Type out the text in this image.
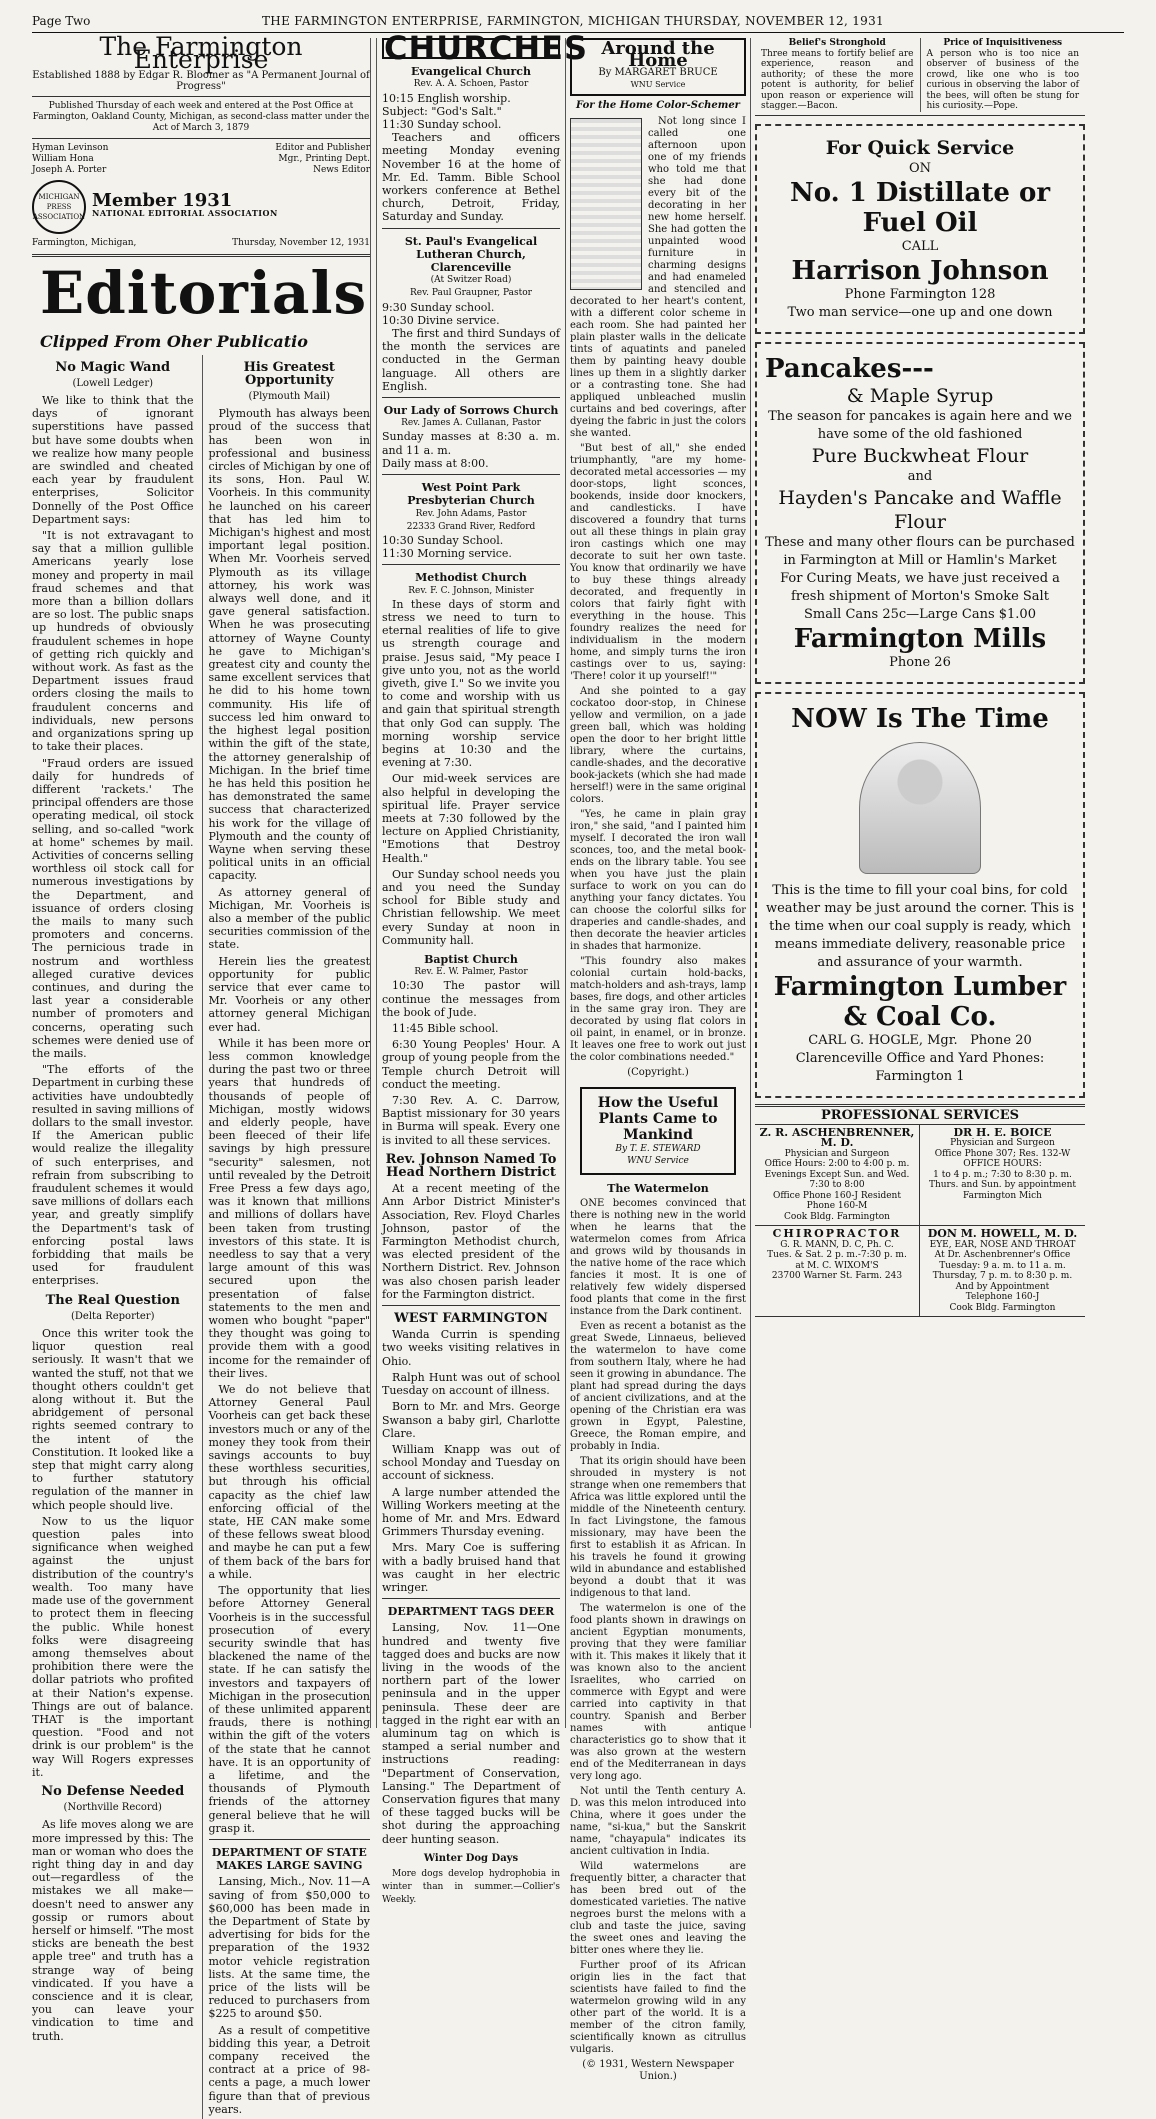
Page Two	THE FARMINGTON ENTERPRISE, FARMINGTON, MICHIGAN THURSDAY, NOVEMBER 12, 1931
The Farmington Enterprise
Established 1888 by Edgar R. Bloomer as "A Permanent Journal of Progress"
Published Thursday of each week and entered at the Post Office at Farmington, Oakland County, Michigan, as second-class matter under the Act of March 3, 1879
Hyman Levinson	Editor and Publisher
William Hona	Mgr., Printing Dept.
Joseph A. Porter	News Editor
MICHIGAN PRESS ASSOCIATION
Member 1931
NATIONAL EDITORIAL ASSOCIATION
Farmington, Michigan,	Thursday, November 12, 1931
Editorials
Clipped From Oher Publicatio
No Magic Wand
(Lowell Ledger)

We like to think that the days of ignorant superstitions have passed but have some doubts when we realize how many people are swindled and cheated each year by fraudulent enterprises, Solicitor Donnelly of the Post Office Department says:

"It is not extravagant to say that a million gullible Americans yearly lose money and property in mail fraud schemes and that more than a billion dollars are so lost. The public snaps up hundreds of obviously fraudulent schemes in hope of getting rich quickly and without work. As fast as the Department issues fraud orders closing the mails to fraudulent concerns and individuals, new persons and organizations spring up to take their places.

"Fraud orders are issued daily for hundreds of different 'rackets.' The principal offenders are those operating medical, oil stock selling, and so-called "work at home" schemes by mail. Activities of concerns selling worthless oil stock call for numerous investigations by the Department, and issuance of orders closing the mails to many such promoters and concerns. The pernicious trade in nostrum and worthless alleged curative devices continues, and during the last year a considerable number of promoters and concerns, operating such schemes were denied use of the mails.

"The efforts of the Department in curbing these activities have undoubtedly resulted in saving millions of dollars to the small investor. If the American public would realize the illegality of such enterprises, and refrain from subscribing to fraudulent schemes it would save millions of dollars each year, and greatly simplify the Department's task of enforcing postal laws forbidding that mails be used for fraudulent enterprises.

The Real Question
(Delta Reporter)

Once this writer took the liquor question real seriously. It wasn't that we wanted the stuff, not that we thought others couldn't get along without it. But the abridgement of personal rights seemed contrary to the intent of the Constitution. It looked like a step that might carry along to further statutory regulation of the manner in which people should live.

Now to us the liquor question pales into significance when weighed against the unjust distribution of the country's wealth. Too many have made use of the government to protect them in fleecing the public. While honest folks were disagreeing among themselves about prohibition there were the dollar patriots who profited at their Nation's expense. Things are out of balance. THAT is the important question. "Food and not drink is our problem" is the way Will Rogers expresses it.

No Defense Needed
(Northville Record)

As life moves along we are more impressed by this: The man or woman who does the right thing day in and day out—regardless of the mistakes we all make—doesn't need to answer any gossip or rumors about herself or himself. "The most sticks are beneath the best apple tree" and truth has a strange way of being vindicated. If you have a conscience and it is clear, you can leave your vindication to time and truth.

His Greatest Opportunity
(Plymouth Mail)

Plymouth has always been proud of the success that has been won in professional and business circles of Michigan by one of its sons, Hon. Paul W. Voorheis. In this community he launched on his career that has led him to Michigan's highest and most important legal position. When Mr. Voorheis served Plymouth as its village attorney, his work was always well done, and it gave general satisfaction. When he was prosecuting attorney of Wayne County he gave to Michigan's greatest city and county the same excellent services that he did to his home town community. His life of success led him onward to the highest legal position within the gift of the state, the attorney generalship of Michigan. In the brief time he has held this position he has demonstrated the same success that characterized his work for the village of Plymouth and the county of Wayne when serving these political units in an official capacity.

As attorney general of Michigan, Mr. Voorheis is also a member of the public securities commission of the state.

Herein lies the greatest opportunity for public service that ever came to Mr. Voorheis or any other attorney general Michigan ever had.

While it has been more or less common knowledge during the past two or three years that hundreds of thousands of people of Michigan, mostly widows and elderly people, have been fleeced of their life savings by high pressure "security" salesmen, not until revealed by the Detroit Free Press a few days ago, was it known that millions and millions of dollars have been taken from trusting investors of this state. It is needless to say that a very large amount of this was secured upon the presentation of false statements to the men and women who bought "paper" they thought was going to provide them with a good income for the remainder of their lives.

We do not believe that Attorney General Paul Voorheis can get back these investors much or any of the money they took from their savings accounts to buy these worthless securities, but through his official capacity as the chief law enforcing official of the state, HE CAN make some of these fellows sweat blood and maybe he can put a few of them back of the bars for a while.

The opportunity that lies before Attorney General Voorheis is in the successful prosecution of every security swindle that has blackened the name of the state. If he can satisfy the investors and taxpayers of Michigan in the prosecution of these unlimited apparent frauds, there is nothing within the gift of the voters of the state that he cannot have. It is an opportunity of a lifetime, and the thousands of Plymouth friends of the attorney general believe that he will grasp it.

DEPARTMENT OF STATE MAKES LARGE SAVING

Lansing, Mich., Nov. 11—A saving of from $50,000 to $60,000 has been made in the Department of State by advertising for bids for the preparation of the 1932 motor vehicle registration lists. At the same time, the price of the lists will be reduced to purchasers from $225 to around $50.

As a result of competitive bidding this year, a Detroit company received the contract at a price of 98-cents a page, a much lower figure than that of previous years.

CHURCHES
Evangelical Church
Rev. A. A. Schoen, Pastor
10:15 English worship.
Subject: "God's Salt."
11:30 Sunday school.

Teachers and officers meeting Monday evening November 16 at the home of Mr. Ed. Tamm. Bible School workers conference at Bethel church, Detroit, Friday, Saturday and Sunday.

St. Paul's Evangelical Lutheran Church, Clarenceville
(At Switzer Road)
Rev. Paul Graupner, Pastor
9:30 Sunday school.
10:30 Divine service.

The first and third Sundays of the month the services are conducted in the German language. All others are English.

Our Lady of Sorrows Church
Rev. James A. Cullanan, Pastor
Sunday masses at 8:30 a. m. and 11 a. m.
Daily mass at 8:00.
West Point Park Presbyterian Church
Rev. John Adams, Pastor
22333 Grand River, Redford
10:30 Sunday School.
11:30 Morning service.
Methodist Church
Rev. F. C. Johnson, Minister

In these days of storm and stress we need to turn to eternal realities of life to give us strength courage and praise. Jesus said, "My peace I give unto you, not as the world giveth, give I." So we invite you to come and worship with us and gain that spiritual strength that only God can supply. The morning worship service begins at 10:30 and the evening at 7:30.

Our mid-week services are also helpful in developing the spiritual life. Prayer service meets at 7:30 followed by the lecture on Applied Christianity, "Emotions that Destroy Health."

Our Sunday school needs you and you need the Sunday school for Bible study and Christian fellowship. We meet every Sunday at noon in Community hall.

Baptist Church
Rev. E. W. Palmer, Pastor

10:30 The pastor will continue the messages from the book of Jude.

11:45 Bible school.

6:30 Young Peoples' Hour. A group of young people from the Temple church Detroit will conduct the meeting.

7:30 Rev. A. C. Darrow, Baptist missionary for 30 years in Burma will speak. Every one is invited to all these services.

Rev. Johnson Named To Head Northern District

At a recent meeting of the Ann Arbor District Minister's Association, Rev. Floyd Charles Johnson, pastor of the Farmington Methodist church, was elected president of the Northern District. Rev. Johnson was also chosen parish leader for the Farmington district.

WEST FARMINGTON

Wanda Currin is spending two weeks visiting relatives in Ohio.

Ralph Hunt was out of school Tuesday on account of illness.

Born to Mr. and Mrs. George Swanson a baby girl, Charlotte Clare.

William Knapp was out of school Monday and Tuesday on account of sickness.

A large number attended the Willing Workers meeting at the home of Mr. and Mrs. Edward Grimmers Thursday evening.

Mrs. Mary Coe is suffering with a badly bruised hand that was caught in her electric wringer.

DEPARTMENT TAGS DEER

Lansing, Nov. 11—One hundred and twenty five tagged does and bucks are now living in the woods of the northern part of the lower peninsula and in the upper peninsula. These deer are tagged in the right ear with an aluminum tag on which is stamped a serial number and instructions reading: "Department of Conservation, Lansing." The Department of Conservation figures that many of these tagged bucks will be shot during the approaching deer hunting season.

Winter Dog Days

More dogs develop hydrophobia in winter than in summer.—Collier's Weekly.

Around the Home
By MARGARET BRUCE
WNU Service
For the Home Color-Schemer

Not long since I called one afternoon upon one of my friends who told me that she had done every bit of the decorating in her new home herself. She had gotten the unpainted wood furniture in charming designs and had enameled and stenciled and decorated to her heart's content, with a different color scheme in each room. She had painted her plain plaster walls in the delicate tints of aquatints and paneled them by painting heavy double lines up them in a slightly darker or a contrasting tone. She had appliqued unbleached muslin curtains and bed coverings, after dyeing the fabric in just the colors she wanted.

"But best of all," she ended triumphantly, "are my home-decorated metal accessories — my door-stops, light sconces, bookends, inside door knockers, and candlesticks. I have discovered a foundry that turns out all these things in plain gray iron castings which one may decorate to suit her own taste. You know that ordinarily we have to buy these things already decorated, and frequently in colors that fairly fight with everything in the house. This foundry realizes the need for individualism in the modern home, and simply turns the iron castings over to us, saying: 'There! color it up yourself!'"

And she pointed to a gay cockatoo door-stop, in Chinese yellow and vermilion, on a jade green ball, which was holding open the door to her bright little library, where the curtains, candle-shades, and the decorative book-jackets (which she had made herself!) were in the same original colors.

"Yes, he came in plain gray iron," she said, "and I painted him myself. I decorated the iron wall sconces, too, and the metal book-ends on the library table. You see when you have just the plain surface to work on you can do anything your fancy dictates. You can choose the colorful silks for draperies and candle-shades, and then decorate the heavier articles in shades that harmonize.

"This foundry also makes colonial curtain hold-backs, match-holders and ash-trays, lamp bases, fire dogs, and other articles in the same gray iron. They are decorated by using flat colors in oil paint, in enamel, or in bronze. It leaves one free to work out just the color combinations needed."

(Copyright.)
How the Useful Plants Came to Mankind
By T. E. STEWARD
WNU Service
The Watermelon

ONE becomes convinced that there is nothing new in the world when he learns that the watermelon comes from Africa and grows wild by thousands in the native home of the race which fancies it most. It is one of relatively few widely dispersed food plants that come in the first instance from the Dark continent.

Even as recent a botanist as the great Swede, Linnaeus, believed the watermelon to have come from southern Italy, where he had seen it growing in abundance. The plant had spread during the days of ancient civilizations, and at the opening of the Christian era was grown in Egypt, Palestine, Greece, the Roman empire, and probably in India.

That its origin should have been shrouded in mystery is not strange when one remembers that Africa was little explored until the middle of the Nineteenth century. In fact Livingstone, the famous missionary, may have been the first to establish it as African. In his travels he found it growing wild in abundance and established beyond a doubt that it was indigenous to that land.

The watermelon is one of the food plants shown in drawings on ancient Egyptian monuments, proving that they were familiar with it. This makes it likely that it was known also to the ancient Israelites, who carried on commerce with Egypt and were carried into captivity in that country. Spanish and Berber names with antique characteristics go to show that it was also grown at the western end of the Mediterranean in days very long ago.

Not until the Tenth century A. D. was this melon introduced into China, where it goes under the name, "si-kua," but the Sanskrit name, "chayapula" indicates its ancient cultivation in India.

Wild watermelons are frequently bitter, a character that has been bred out of the domesticated varieties. The native negroes burst the melons with a club and taste the juice, saving the sweet ones and leaving the bitter ones where they lie.

Further proof of its African origin lies in the fact that scientists have failed to find the watermelon growing wild in any other part of the world. It is a member of the citron family, scientifically known as citrullus vulgaris.

(© 1931, Western Newspaper Union.)
Belief's Stronghold
Three means to fortify belief are experience, reason and authority; of these the more potent is authority, for belief upon reason or experience will stagger.—Bacon.
Price of Inquisitiveness
A person who is too nice an observer of business of the crowd, like one who is too curious in observing the labor of the bees, will often be stung for his curiosity.—Pope.
For Quick Service
ON
No. 1 Distillate or Fuel Oil
CALL
Harrison Johnson
Phone Farmington 128
Two man service—one up and one down
Pancakes---
& Maple Syrup
The season for pancakes is again here and we have some of the old fashioned
Pure Buckwheat Flour
and
Hayden's Pancake and Waffle Flour
These and many other flours can be purchased in Farmington at Mill or Hamlin's Market
For Curing Meats, we have just received a fresh shipment of Morton's Smoke Salt
Small Cans 25c—Large Cans $1.00
Farmington Mills
Phone 26
NOW Is The Time
This is the time to fill your coal bins, for cold weather may be just around the corner. This is the time when our coal supply is ready, which means immediate delivery, reasonable price and assurance of your warmth.
Farmington Lumber & Coal Co.
CARL G. HOGLE, Mgr. Phone 20
Clarenceville Office and Yard Phones: Farmington 1
PROFESSIONAL SERVICES
Z. R. ASCHENBRENNER, M. D.
Physician and Surgeon
Office Hours: 2:00 to 4:00 p. m. Evenings Except Sun. and Wed. 7:30 to 8:00
Office Phone 160-J Resident Phone 160-M
Cook Bldg. Farmington
DR H. E. BOICE
Physician and Surgeon
Office Phone 307; Res. 132-W
OFFICE HOURS:
1 to 4 p. m.; 7:30 to 8:30 p. m.
Thurs. and Sun. by appointment
Farmington Mich
CHIROPRACTOR
G. R. MANN, D. C, Ph. C.
Tues. & Sat. 2 p. m.-7:30 p. m.
at M. C. WIXOM'S
23700 Warner St. Farm. 243
DON M. HOWELL, M. D.
EYE, EAR, NOSE AND THROAT
At Dr. Aschenbrenner's Office
Tuesday: 9 a. m. to 11 a. m.
Thursday, 7 p. m. to 8:30 p. m.
And by Appointment
Telephone 160-J
Cook Bldg. Farmington
